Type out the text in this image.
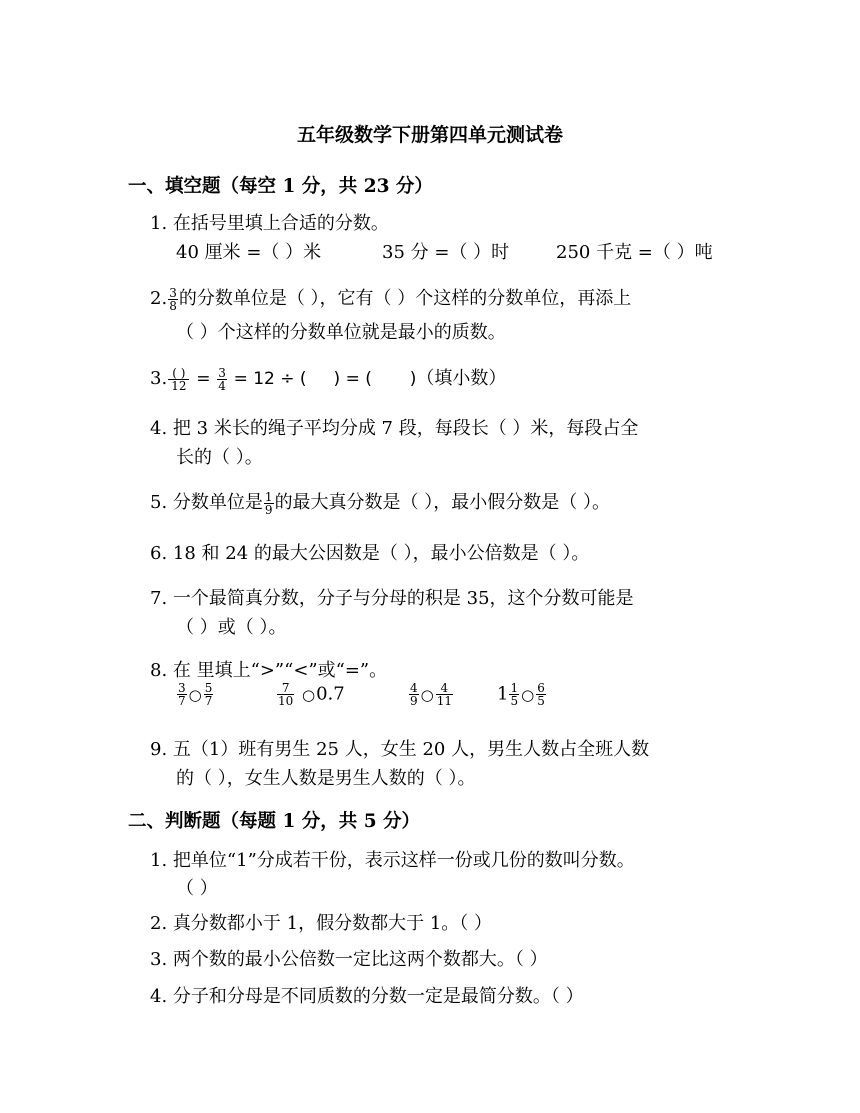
五年级数学下册第四单元测试卷
一、填空题（每空 1 分，共 23 分）
1. 在括号里填上合适的分数。
40 厘米 =（ ）米	35 分 =（ ）时	250 千克 =（ ）吨
2. $\frac{3}{8}$ 的分数单位是（ ），它有（ ）个这样的分数单位，再添上
（ ）个这样的分数单位就是最小的质数。
3. $\frac{( )}{12} = \frac{3}{4} = 12$ ÷ (     ) = (       )（填小数）
4. 把 3 米长的绳子平均分成 7 段，每段长（ ）米，每段占全
长的（ ）。
5. 分数单位是 $\frac{1}{9}$ 的最大真分数是（ ），最小假分数是（ ）。
6. 18 和 24 的最大公因数是（ ），最小公倍数是（ ）。
7. 一个最简真分数，分子与分母的积是 35，这个分数可能是
（ ）或（ ）。
8. 在 里填上“>”“<”或“=”。
$\frac{3}{7}$ ○ $\frac{5}{7}$	$\frac{7}{10}$ ○0.7	$\frac{4}{9}$ ○ $\frac{4}{11} 1 \frac{1}{5}$ ○ $\frac{6}{5}$
9. 五（1）班有男生 25 人，女生 20 人，男生人数占全班人数
的（ ），女生人数是男生人数的（ ）。
二、判断题（每题 1 分，共 5 分）
1. 把单位“1”分成若干份，表示这样一份或几份的数叫分数。
（ ）
2. 真分数都小于 1，假分数都大于 1。（ ）
3. 两个数的最小公倍数一定比这两个数都大。（ ）
4. 分子和分母是不同质数的分数一定是最简分数。（ ）
